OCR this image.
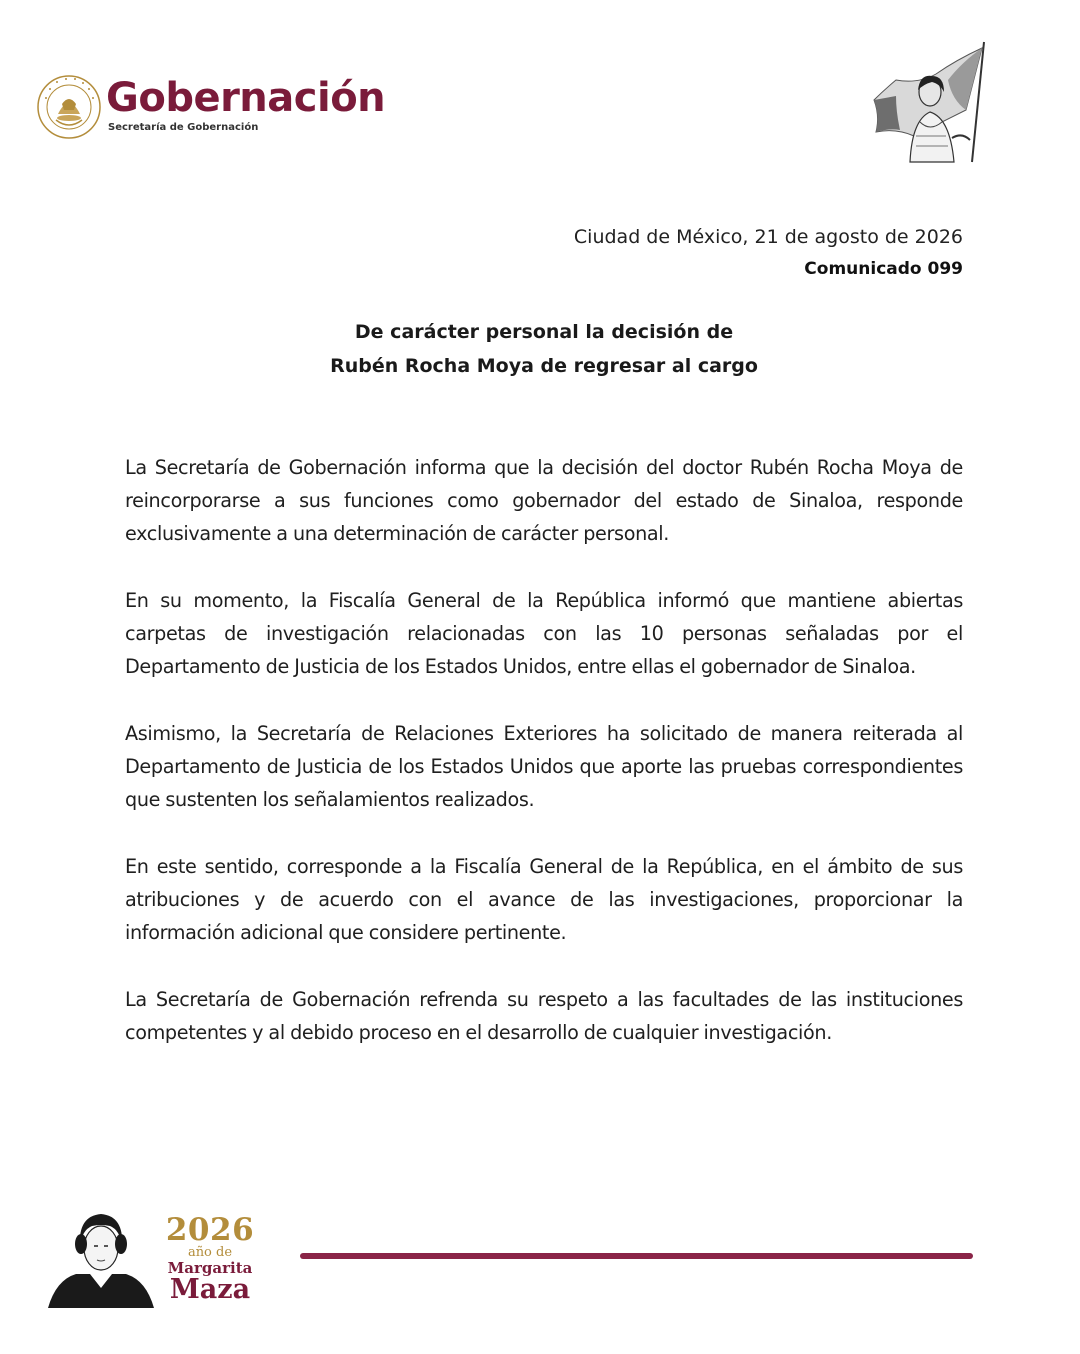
Gobernación
Secretaría de Gobernación
Ciudad de México, 21 de agosto de 2026
Comunicado 099
De carácter personal la decisión de
Rubén Rocha Moya de regresar al cargo

La Secretaría de Gobernación informa que la decisión del doctor Rubén Rocha Moya de reincorporarse a sus funciones como gobernador del estado de Sinaloa, responde exclusivamente a una determinación de carácter personal.

En su momento, la Fiscalía General de la República informó que mantiene abiertas carpetas de investigación relacionadas con las 10 personas señaladas por el Departamento de Justicia de los Estados Unidos, entre ellas el gobernador de Sinaloa.

Asimismo, la Secretaría de Relaciones Exteriores ha solicitado de manera reiterada al Departamento de Justicia de los Estados Unidos que aporte las pruebas correspondientes que sustenten los señalamientos realizados.

En este sentido, corresponde a la Fiscalía General de la República, en el ámbito de sus atribuciones y de acuerdo con el avance de las investigaciones, proporcionar la información adicional que considere pertinente.

La Secretaría de Gobernación refrenda su respeto a las facultades de las instituciones competentes y al debido proceso en el desarrollo de cualquier investigación.

2026
año de
Margarita
Maza
